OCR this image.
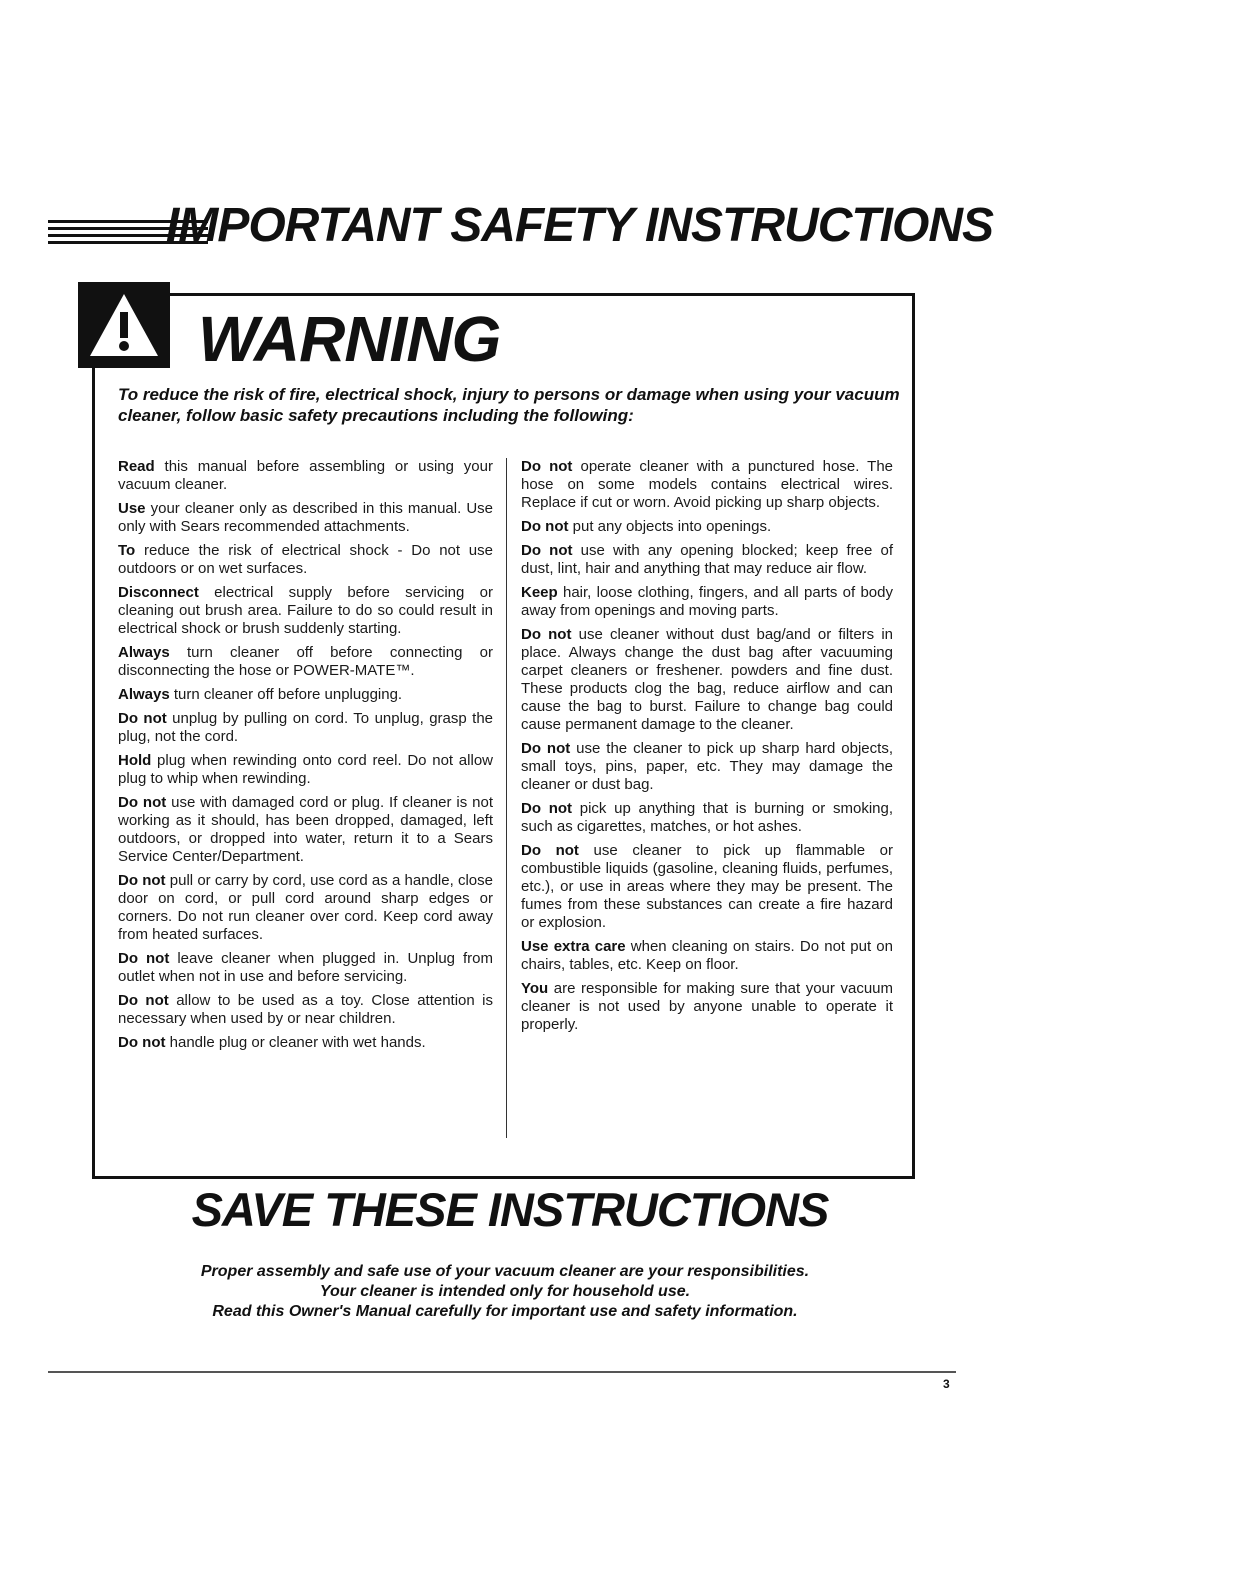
IMPORTANT SAFETY INSTRUCTIONS
WARNING

To reduce the risk of fire, electrical shock, injury to persons or damage when using your vacuum cleaner, follow basic safety precautions including the following:

Read this manual before assembling or using your vacuum cleaner.

Use your cleaner only as described in this manual. Use only with Sears recommended attachments.

To reduce the risk of electrical shock - Do not use outdoors or on wet surfaces.

Disconnect electrical supply before servicing or cleaning out brush area. Failure to do so could result in electrical shock or brush suddenly starting.

Always turn cleaner off before connecting or disconnecting the hose or POWER-MATE™.

Always turn cleaner off before unplugging.

Do not unplug by pulling on cord. To unplug, grasp the plug, not the cord.

Hold plug when rewinding onto cord reel. Do not allow plug to whip when rewinding.

Do not use with damaged cord or plug. If cleaner is not working as it should, has been dropped, damaged, left outdoors, or dropped into water, return it to a Sears Service Center/Department.

Do not pull or carry by cord, use cord as a handle, close door on cord, or pull cord around sharp edges or corners. Do not run cleaner over cord. Keep cord away from heated surfaces.

Do not leave cleaner when plugged in. Unplug from outlet when not in use and before servicing.

Do not allow to be used as a toy. Close attention is necessary when used by or near children.

Do not handle plug or cleaner with wet hands.

Do not operate cleaner with a punctured hose. The hose on some models contains electrical wires. Replace if cut or worn. Avoid picking up sharp objects.

Do not put any objects into openings.

Do not use with any opening blocked; keep free of dust, lint, hair and anything that may reduce air flow.

Keep hair, loose clothing, fingers, and all parts of body away from openings and moving parts.

Do not use cleaner without dust bag/and or filters in place. Always change the dust bag after vacuuming carpet cleaners or freshener. powders and fine dust. These products clog the bag, reduce airflow and can cause the bag to burst. Failure to change bag could cause permanent damage to the cleaner.

Do not use the cleaner to pick up sharp hard objects, small toys, pins, paper, etc. They may damage the cleaner or dust bag.

Do not pick up anything that is burning or smoking, such as cigarettes, matches, or hot ashes.

Do not use cleaner to pick up flammable or combustible liquids (gasoline, cleaning fluids, perfumes, etc.), or use in areas where they may be present. The fumes from these substances can create a fire hazard or explosion.

Use extra care when cleaning on stairs. Do not put on chairs, tables, etc. Keep on floor.

You are responsible for making sure that your vacuum cleaner is not used by anyone unable to operate it properly.

SAVE THESE INSTRUCTIONS
Proper assembly and safe use of your vacuum cleaner are your responsibilities.
Your cleaner is intended only for household use.
Read this Owner's Manual carefully for important use and safety information.
3
